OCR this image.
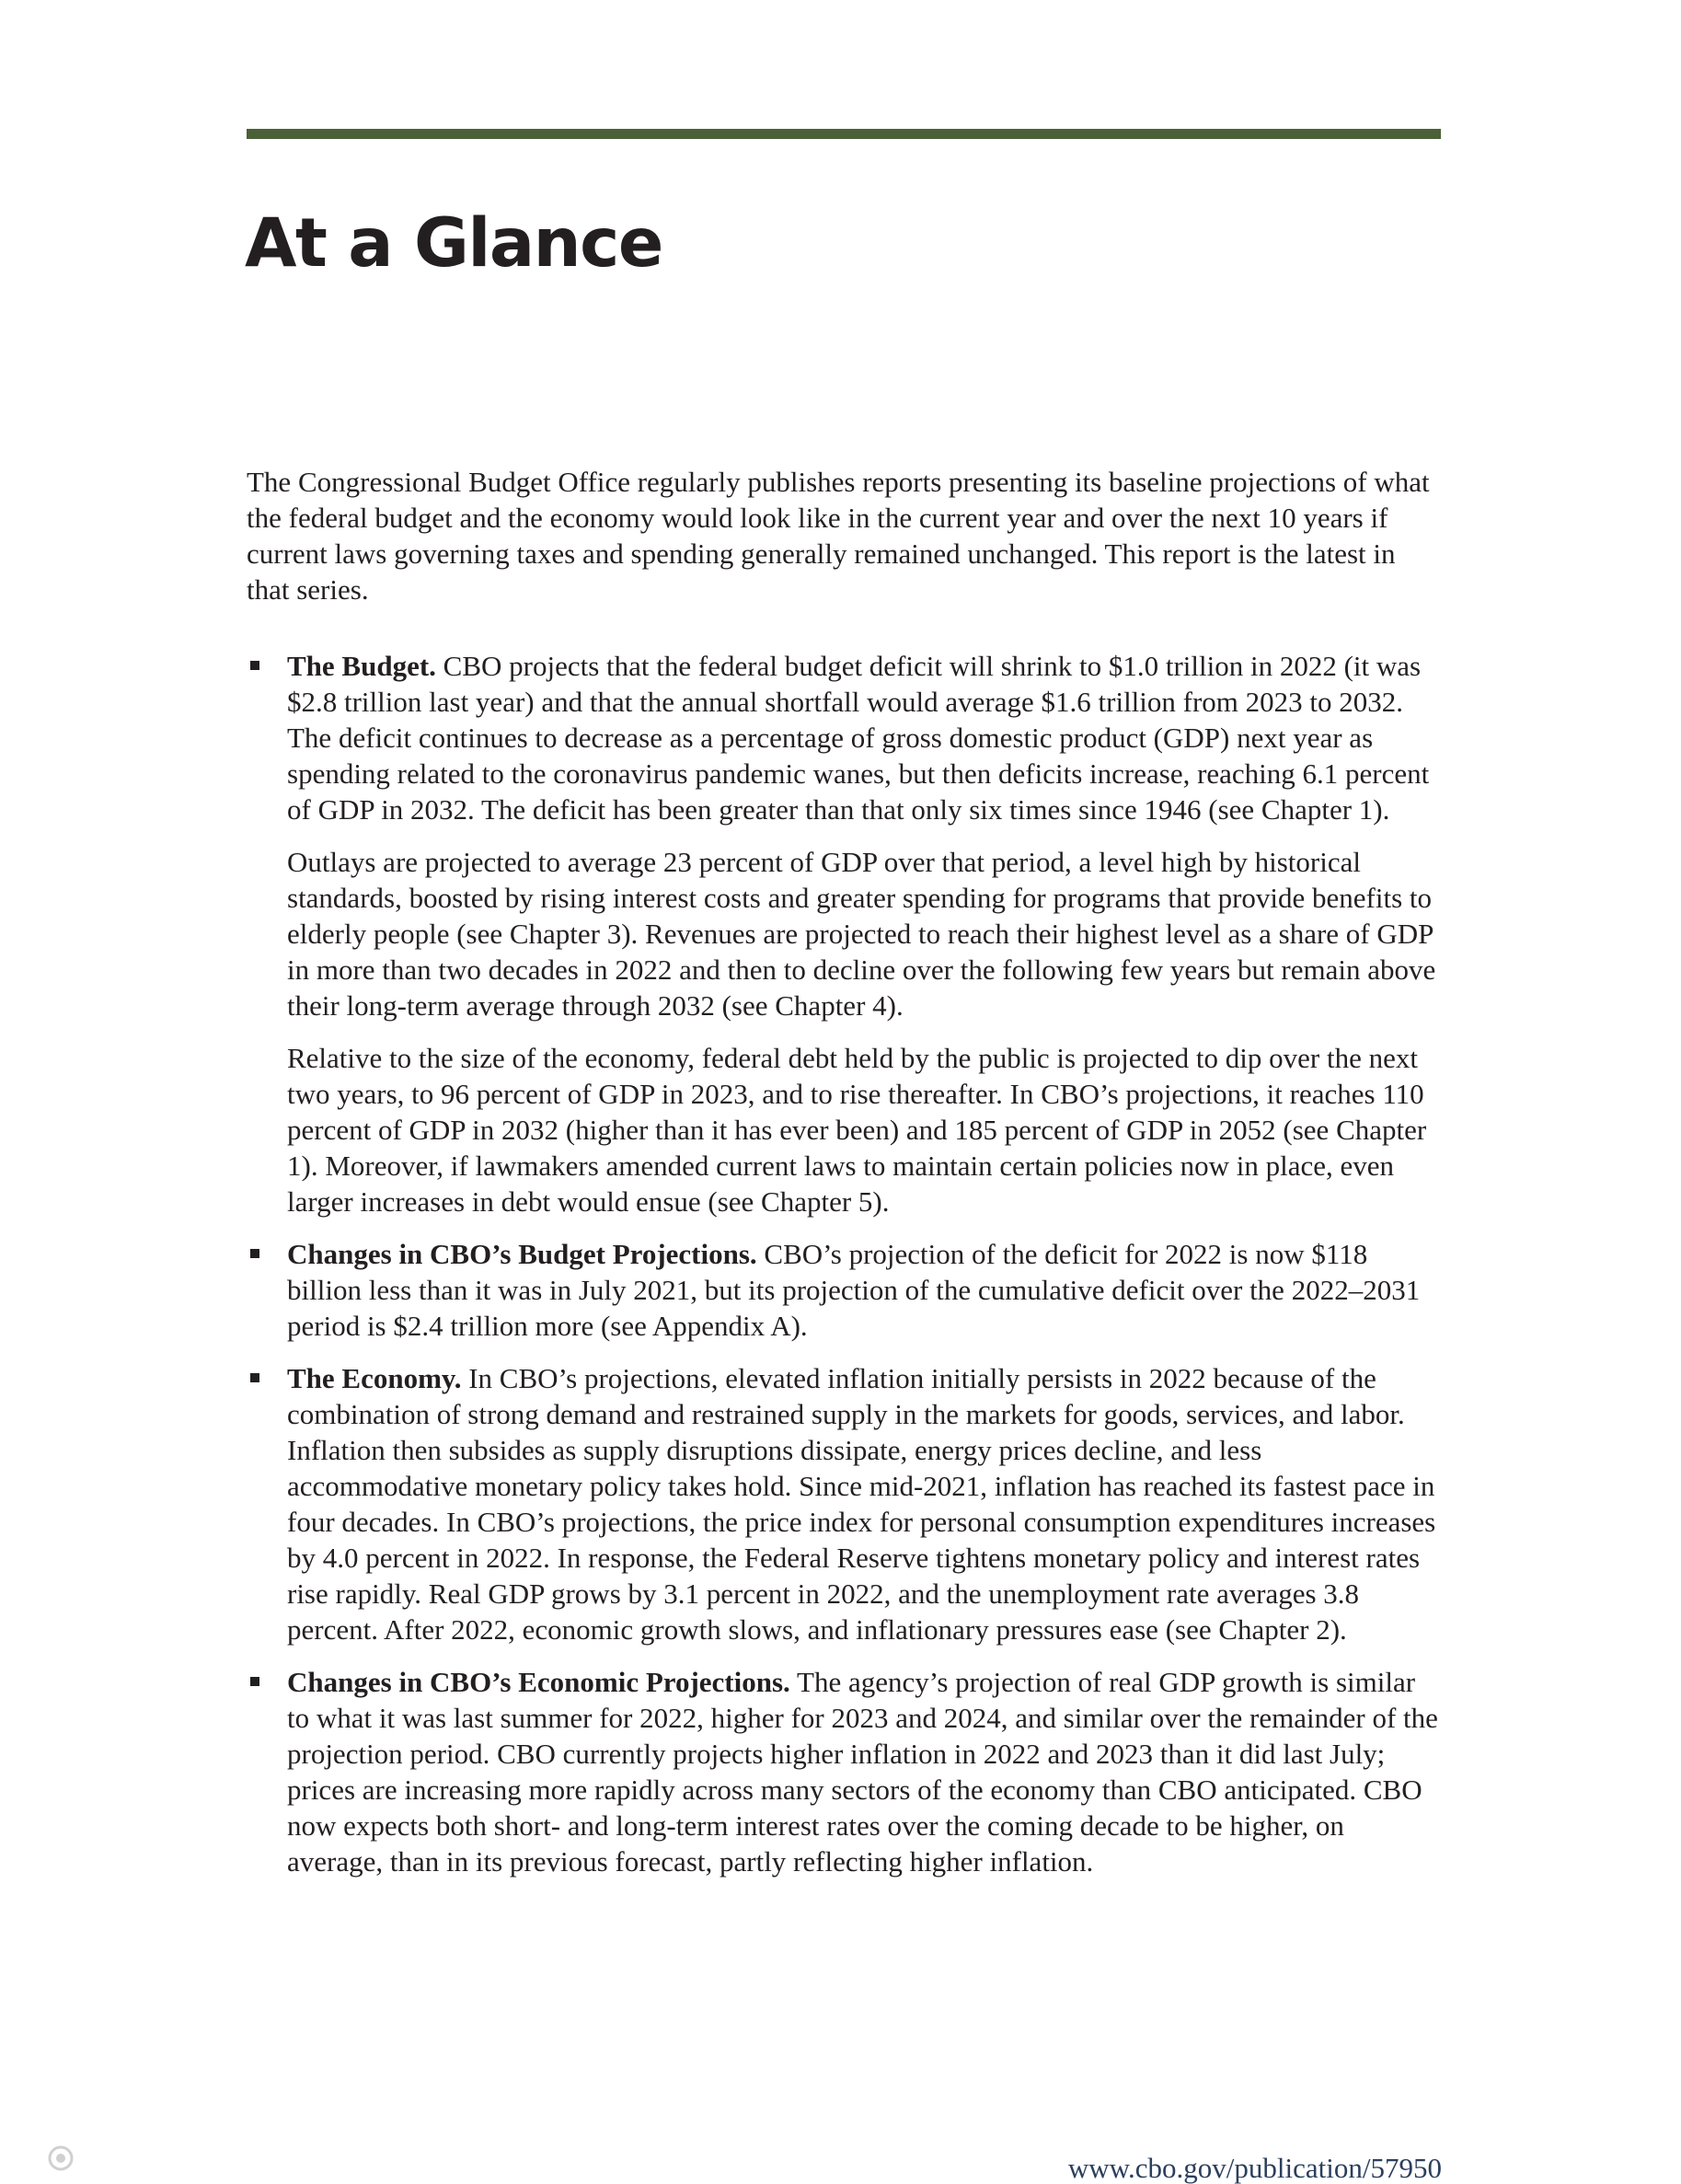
At a Glance

The Congressional Budget Office regularly publishes reports presenting its baseline projections of what the federal budget and the economy would look like in the current year and over the next 10 years if current laws governing taxes and spending generally remained unchanged. This report is the latest in that series.

The Budget. CBO projects that the federal budget deficit will shrink to $1.0 trillion in 2022 (it was $2.8 trillion last year) and that the annual shortfall would average $1.6 trillion from 2023 to 2032. The deficit continues to decrease as a percentage of gross domestic product (GDP) next year as spending related to the coronavirus pandemic wanes, but then deficits increase, reaching 6.1 percent of GDP in 2032. The deficit has been greater than that only six times since 1946 (see Chapter 1).

Outlays are projected to average 23 percent of GDP over that period, a level high by historical standards, boosted by rising interest costs and greater spending for programs that provide benefits to elderly people (see Chapter 3). Revenues are projected to reach their highest level as a share of GDP in more than two decades in 2022 and then to decline over the following few years but remain above their long-term average through 2032 (see Chapter 4).

Relative to the size of the economy, federal debt held by the public is projected to dip over the next two years, to 96 percent of GDP in 2023, and to rise thereafter. In CBO’s projections, it reaches 110 percent of GDP in 2032 (higher than it has ever been) and 185 percent of GDP in 2052 (see Chapter 1). Moreover, if lawmakers amended current laws to maintain certain policies now in place, even larger increases in debt would ensue (see Chapter 5).

Changes in CBO’s Budget Projections. CBO’s projection of the deficit for 2022 is now $118 billion less than it was in July 2021, but its projection of the cumulative deficit over the 2022–2031 period is $2.4 trillion more (see Appendix A).

The Economy. In CBO’s projections, elevated inflation initially persists in 2022 because of the combination of strong demand and restrained supply in the markets for goods, services, and labor. Inflation then subsides as supply disruptions dissipate, energy prices decline, and less accommodative monetary policy takes hold. Since mid-2021, inflation has reached its fastest pace in four decades. In CBO’s projections, the price index for personal consumption expenditures increases by 4.0 percent in 2022. In response, the Federal Reserve tightens monetary policy and interest rates rise rapidly. Real GDP grows by 3.1 percent in 2022, and the unemployment rate averages 3.8 percent. After 2022, economic growth slows, and inflationary pressures ease (see Chapter 2).

Changes in CBO’s Economic Projections. The agency’s projection of real GDP growth is similar to what it was last summer for 2022, higher for 2023 and 2024, and similar over the remainder of the projection period. CBO currently projects higher inflation in 2022 and 2023 than it did last July; prices are increasing more rapidly across many sectors of the economy than CBO anticipated. CBO now expects both short- and long-term interest rates over the coming decade to be higher, on average, than in its previous forecast, partly reflecting higher inflation.

www.cbo.gov/publication/57950
